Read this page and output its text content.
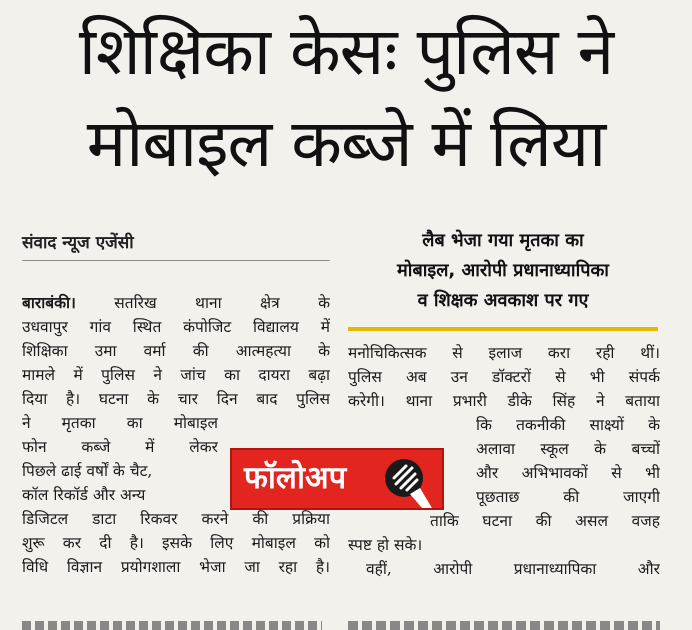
शिक्षिका केसः पुलिस ने
मोबाइल कब्जे में लिया
संवाद न्यूज एजेंसी	लैब भेजा गया मृतका का
मोबाइल, आरोपी प्रधानाध्यापिका
व शिक्षक अवकाश पर गए
बाराबंकी। सतरिख थाना क्षेत्र के
उधवापुर गांव स्थित कंपोजिट विद्यालय में
शिक्षिका उमा वर्मा की आत्महत्या के
मामले में पुलिस ने जांच का दायरा बढ़ा
दिया है। घटना के चार दिन बाद पुलिस
ने मृतका का मोबाइल
फोन कब्जे में लेकर
पिछले ढाई वर्षों के चैट,
कॉल रिकॉर्ड और अन्य
डिजिटल डाटा रिकवर करने की प्रक्रिया
शुरू कर दी है। इसके लिए मोबाइल को
विधि विज्ञान प्रयोगशाला भेजा जा रहा है।
मनोचिकित्सक से इलाज करा रही थीं।
पुलिस अब उन डॉक्टरों से भी संपर्क
करेगी। थाना प्रभारी डीके सिंह ने बताया
कि तकनीकी साक्ष्यों के
अलावा स्कूल के बच्चों
और अभिभावकों से भी
पूछताछ की जाएगी
ताकि घटना की असल वजह
स्पष्ट हो सके।
वहीं, आरोपी प्रधानाध्यापिका और
फॉलोअप
